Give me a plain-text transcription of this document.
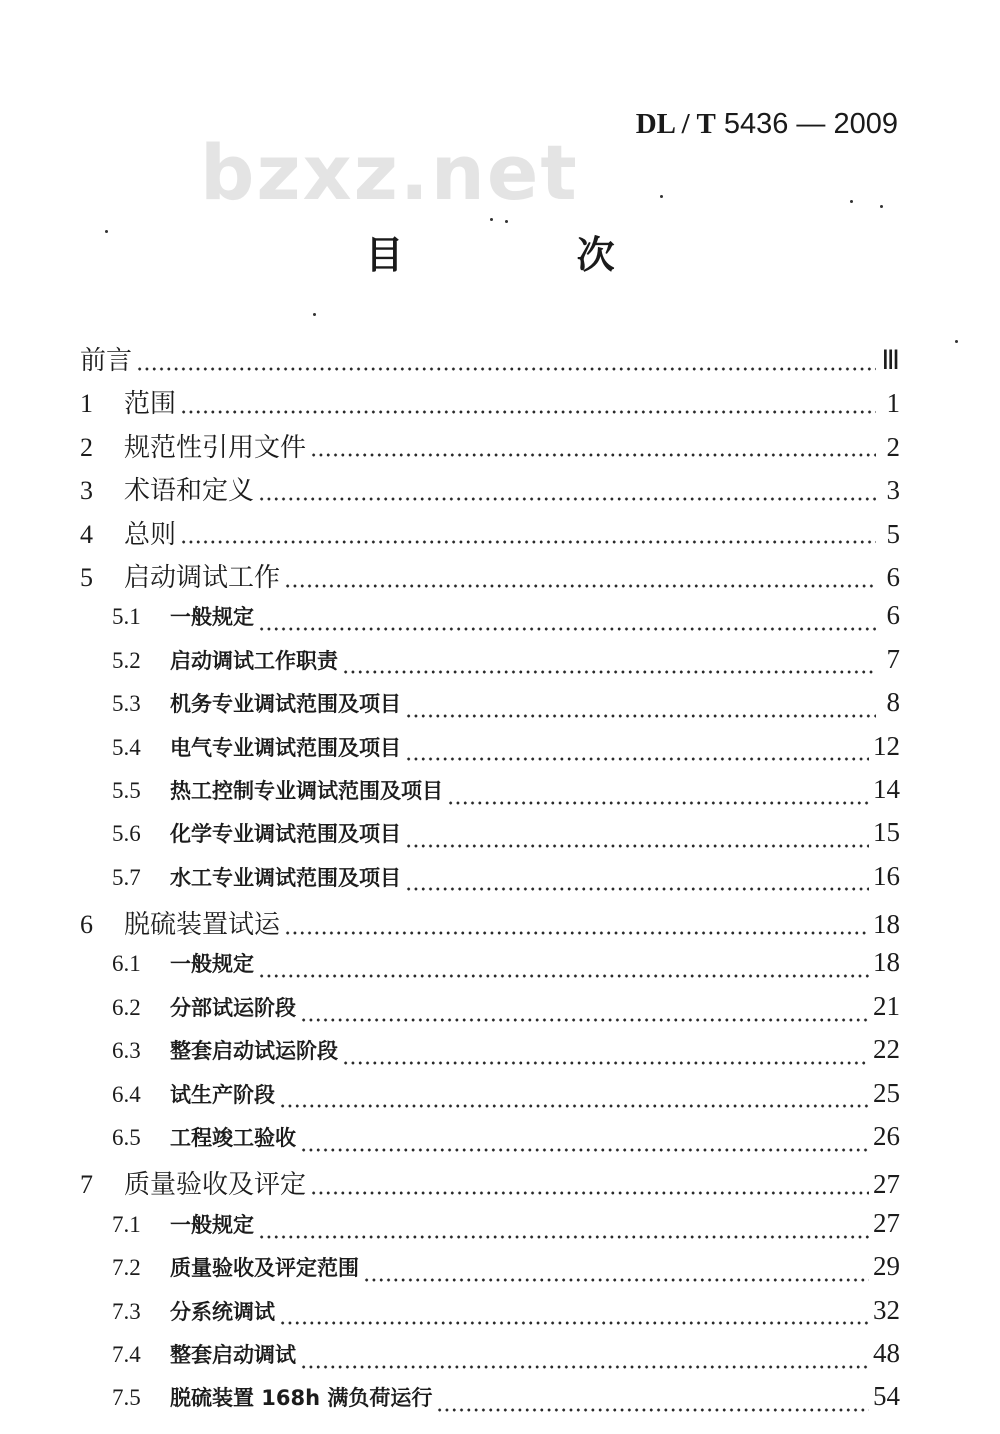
DL / T 5436 — 2009
bzxz.net
目 次
前言	Ⅲ
1	范围	1
2	规范性引用文件	2
3	术语和定义	3
4	总则	5
5	启动调试工作	6
5.1	一般规定	6
5.2	启动调试工作职责	7
5.3	机务专业调试范围及项目	8
5.4	电气专业调试范围及项目	12
5.5	热工控制专业调试范围及项目	14
5.6	化学专业调试范围及项目	15
5.7	水工专业调试范围及项目	16
6	脱硫装置试运	18
6.1	一般规定	18
6.2	分部试运阶段	21
6.3	整套启动试运阶段	22
6.4	试生产阶段	25
6.5	工程竣工验收	26
7	质量验收及评定	27
7.1	一般规定	27
7.2	质量验收及评定范围	29
7.3	分系统调试	32
7.4	整套启动调试	48
7.5	脱硫装置 168h 满负荷运行	54
